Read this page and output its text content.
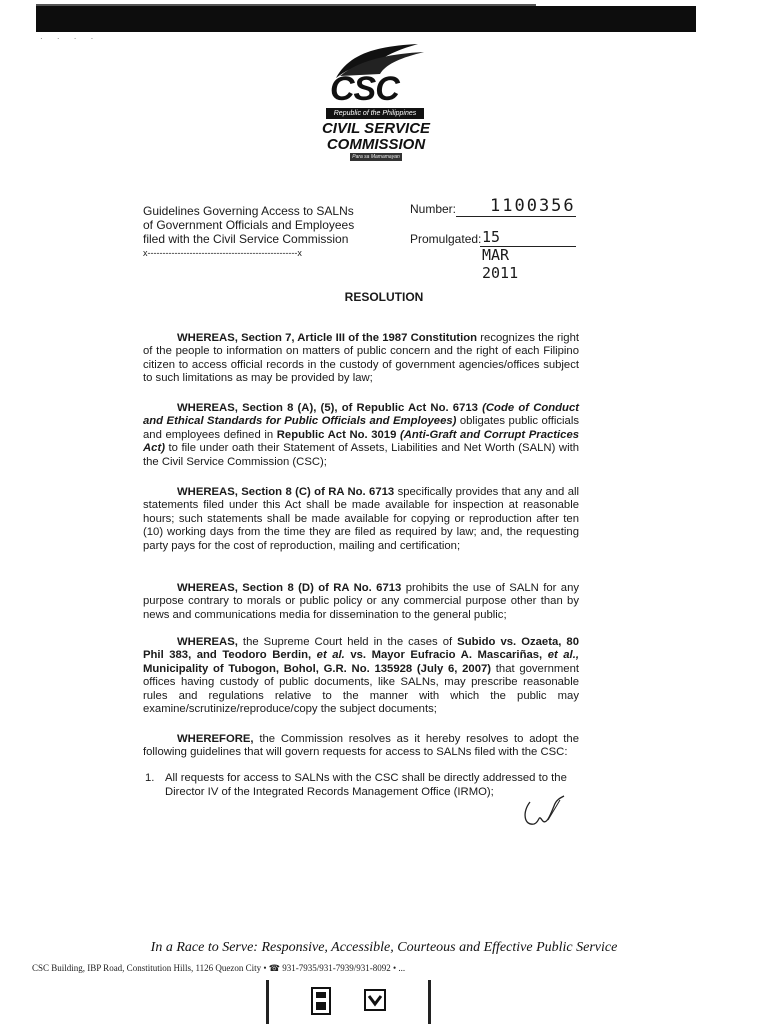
· · · ·
CSC
Republic of the Philippines
CIVIL SERVICE
COMMISSION
Para sa Mamamayan
Guidelines Governing Access to SALNs
of Government Officials and Employees
filed with the Civil Service Commission
x--------------------------------------------------x
Number: 1100356
Promulgated: 15 MAR 2011
RESOLUTION
WHEREAS, Section 7, Article III of the 1987 Constitution recognizes the right of the people to information on matters of public concern and the right of each Filipino citizen to access official records in the custody of government agencies/offices subject to such limitations as may be provided by law;
WHEREAS, Section 8 (A), (5), of Republic Act No. 6713 (Code of Conduct and Ethical Standards for Public Officials and Employees) obligates public officials and employees defined in Republic Act No. 3019 (Anti-Graft and Corrupt Practices Act) to file under oath their Statement of Assets, Liabilities and Net Worth (SALN) with the Civil Service Commission (CSC);
WHEREAS, Section 8 (C) of RA No. 6713 specifically provides that any and all statements filed under this Act shall be made available for inspection at reasonable hours; such statements shall be made available for copying or reproduction after ten (10) working days from the time they are filed as required by law; and, the requesting party pays for the cost of reproduction, mailing and certification;
WHEREAS, Section 8 (D) of RA No. 6713 prohibits the use of SALN for any purpose contrary to morals or public policy or any commercial purpose other than by news and communications media for dissemination to the general public;
WHEREAS, the Supreme Court held in the cases of Subido vs. Ozaeta, 80 Phil 383, and Teodoro Berdin, et al. vs. Mayor Eufracio A. Mascariñas, et al., Municipality of Tubogon, Bohol, G.R. No. 135928 (July 6, 2007) that government offices having custody of public documents, like SALNs, may prescribe reasonable rules and regulations relative to the manner with which the public may examine/scrutinize/reproduce/copy the subject documents;
WHEREFORE, the Commission resolves as it hereby resolves to adopt the following guidelines that will govern requests for access to SALNs filed with the CSC:
1. All requests for access to SALNs with the CSC shall be directly addressed to the Director IV of the Integrated Records Management Office (IRMO);
In a Race to Serve: Responsive, Accessible, Courteous and Effective Public Service
CSC Building, IBP Road, Constitution Hills, 1126 Quezon City • ☎ 931-7935/931-7939/931-8092 • ...
